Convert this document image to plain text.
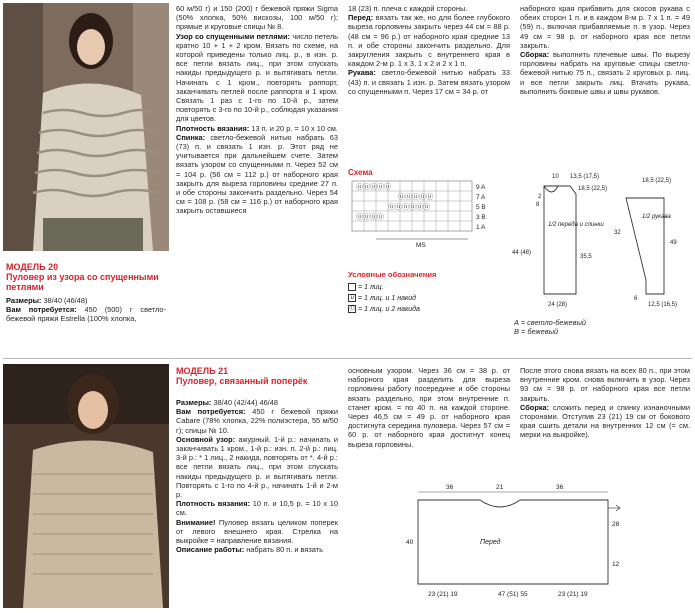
МОДЕЛЬ 20
Пуловер из узора со спущенными петлями

Размеры: 38/40 (46/48)

Вам потребуется: 450 (500) г светло-бежевой пряжи Estrella (100% хлопка,

60 м/50 г) и 150 (200) г бежевой пряжи Sigma (50% хлопка, 50% вискозы, 100 м/50 г); прямые и круговые спицы № 8.

Узор со спущенными петлями: число петель кратно 10 + 1 + 2 кром. Вязать по схеме, на которой приведены только лиц. р., в изн. р. все петли вязать лиц., при этом спускать накиды предыдущего р. и вытягивать петли. Начинать с 1 кром., повторять раппорт, заканчивать петлей после раппорта и 1 кром. Связать 1 раз с 1-го по 10-й р., затем повторять с 3-го по 10-й р., соблюдая указания для цветов.

Плотность вязания: 13 п. и 20 р. = 10 х 10 см.

Спинка: светло-бежевой нитью набрать 63 (73) п. и связать 1 изн. р. Этот ряд не учитывается при дальнейшем счете. Затем вязать узором со спущенными п. Через 52 см = 104 р. (56 см = 112 р.) от наборного края закрыть для выреза горловины средние 27 п. и обе стороны закончить раздельно. Через 54 см = 108 р. (58 см = 116 р.) от наборного края закрыть оставшиеся

18 (23) п. плеча с каждой стороны.

Перед: вязать так же, но для более глубокого выреза горловины закрыть через 44 см = 88 р. (48 см = 96 р.) от наборного края средние 13 п. и обе стороны закончить раздельно. Для закругления закрыть с внутреннего края в каждом 2-м р. 1 х 3, 1 х 2 и 2 х 1 п.

Рукава: светло-бежевой нитью набрать 33 (43) п. и связать 1 изн. р. Затем вязать узором со спущенными п. Через 17 см = 34 р. от

наборного края прибавить для скосов рукава с обеих сторон 1 п. и в каждом 8-м р. 7 х 1 п. = 49 (59) п., включая прибавляемые п. в узор. Через 49 см = 98 р. от наборного края все петли закрыть.

Сборка: выполнить плечевые швы. По вырезу горловины набрать на круговые спицы светло-бежевой нитью 75 п., связать 2 круговых р. лиц. и все петли закрыть лиц. Втачать рукава, выполнить боковые швы и швы рукавов.

Схема
ⓤⓤⓤⓤⓤ
ⓤⓤⓤⓤⓤ
ⓤⓤⓤⓤⓤⓤ
ⓤⓤⓤⓤ
9 A
7 A
5 B
3 B
1 A
MS
Условные обозначения
= 1 лиц.
∪ = 1 лиц. и 1 накид
Ⓤ = 1 лиц. и 2 накида
10 13,5 (17,5)
18,5 (22,5)
2
44 (48)
8
35,5
24 (28)
1/2 переда и спинки
18,5 (22,5)
32
49
6
12,5 (16,5)
1/2 рукава

A = светло-бежевый

B = бежевый

МОДЕЛЬ 21
Пуловер, связанный поперёк

Размеры: 38/40 (42/44) 46/48

Вам потребуется: 450 г бежевой пряжи Cabare (78% хлопка, 22% полиэстера, 55 м/50 г); спицы № 10.

Основной узор: ажурный. 1-й р.: начинать и заканчивать 1 кром., 1-й р.: изн. п. 2-й р.: лиц. 3-й р.: * 1 лиц., 2 накида, повторять от *. 4-й р.: все петли вязать лиц., при этом спускать накиды предыдущего р. и вытягивать петли. Повторять с 1-го по 4-й р., начинать 1-й и 2-м р.

Плотность вязания: 10 п. и 10,5 р. = 10 х 10 см.

Внимание! Пуловер вязать целиком поперек от левого внешнего края. Стрелка на выкройке = направление вязания.

Описание работы: набрать 80 п. и вязать

основным узором. Через 36 см = 38 р. от наборного края разделить для выреза горловины работу посередине и обе стороны вязать раздельно, при этом внутренние п. станет кром. = по 40 п. на каждой стороне. Через 46,5 см = 49 р. от наборного края достигнута середина пуловера. Через 57 см = 60 р. от наборного края достигнут конец выреза горловины.

После этого снова вязать на всех 80 п., при этом внутренние кром. снова включить в узор. Через 93 см = 98 р. от наборного края все петли закрыть.

Сборка: сложить перед и спинку изнаночными сторонами. Отступив 23 (21) 19 см от бокового края сшить детали на внутренних 12 см (= см. мерки на выкройке).

36	21	36
40
28
12
23 (21) 19	47 (51) 55	23 (21) 19
Перед
